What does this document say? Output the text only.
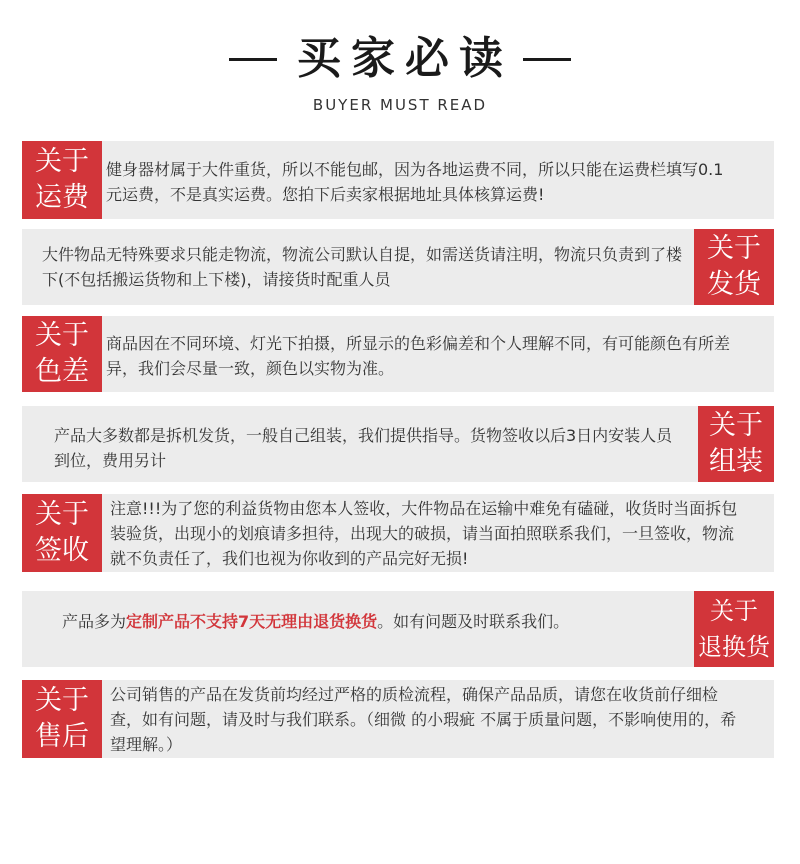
买家必读
BUYER MUST READ
关于
运费
健身器材属于大件重货，所以不能包邮，因为各地运费不同，所以只能在运费栏填写0.1元运费，不是真实运费。您拍下后卖家根据地址具体核算运费!
大件物品无特殊要求只能走物流，物流公司默认自提，如需送货请注明，物流只负责到了楼下(不包括搬运货物和上下楼)，请接货时配重人员
关于
发货
关于
色差
商品因在不同环境、灯光下拍摄，所显示的色彩偏差和个人理解不同，有可能颜色有所差异，我们会尽量一致，颜色以实物为准。
产品大多数都是拆机发货，一般自己组装，我们提供指导。货物签收以后3日内安装人员到位，费用另计
关于
组装
关于
签收
注意!!!为了您的利益货物由您本人签收，大件物品在运输中难免有磕碰，收货时当面拆包装验货，出现小的划痕请多担待，出现大的破损，请当面拍照联系我们，一旦签收，物流就不负责任了，我们也视为你收到的产品完好无损!
产品多为定制产品不支持7天无理由退货换货。如有问题及时联系我们。	关于
退换货
关于
售后
公司销售的产品在发货前均经过严格的质检流程，确保产品品质，请您在收货前仔细检查，如有问题，请及时与我们联系。（细微 的小瑕疵 不属于质量问题，不影响使用的，希望理解。）
